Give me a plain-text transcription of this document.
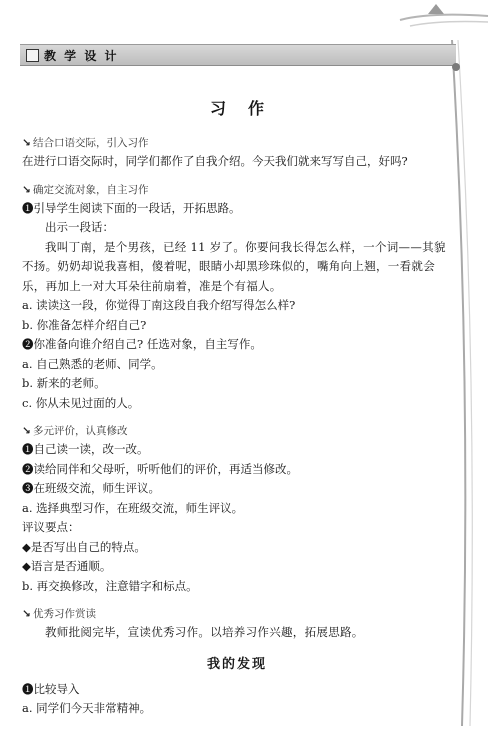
教 学 设 计
习作
↘ 结合口语交际，引入习作
在进行口语交际时，同学们都作了自我介绍。今天我们就来写写自己，好吗?
↘ 确定交流对象，自主习作
❶引导学生阅读下面的一段话，开拓思路。
出示一段话：
我叫丁南，是个男孩，已经 11 岁了。你要问我长得怎么样，一个词——其貌不扬。奶奶却说我喜相，傻着呢，眼睛小却黑珍珠似的，嘴角向上翘，一看就会乐，再加上一对大耳朵往前扇着，准是个有福人。
a. 读读这一段，你觉得丁南这段自我介绍写得怎么样?
b. 你准备怎样介绍自己?
❷你准备向谁介绍自己? 任选对象，自主写作。
a. 自己熟悉的老师、同学。
b. 新来的老师。
c. 你从未见过面的人。
↘ 多元评价，认真修改
❶自己读一读，改一改。
❷读给同伴和父母听，听听他们的评价，再适当修改。
❸在班级交流，师生评议。
a. 选择典型习作，在班级交流，师生评议。
评议要点：
◆是否写出自己的特点。
◆语言是否通顺。
b. 再交换修改，注意错字和标点。
↘ 优秀习作赏读
教师批阅完毕，宣读优秀习作。以培养习作兴趣，拓展思路。
我的发现
❶比较导入
a. 同学们今天非常精神。
